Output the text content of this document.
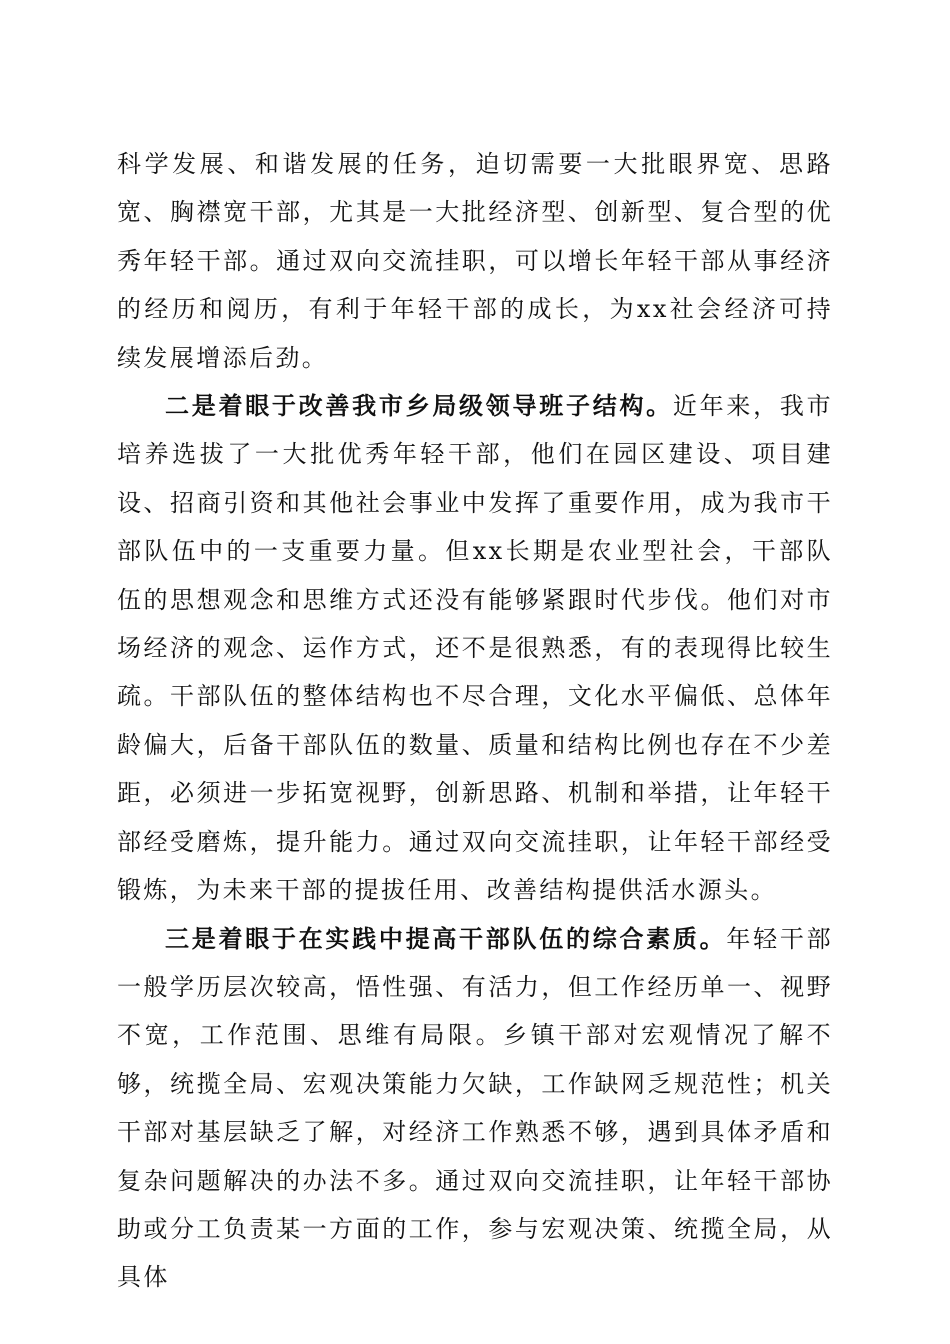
科学发展、和谐发展的任务，迫切需要一大批眼界宽、思路宽、胸襟宽干部，尤其是一大批经济型、创新型、复合型的优秀年轻干部。通过双向交流挂职，可以增长年轻干部从事经济的经历和阅历，有利于年轻干部的成长，为xx社会经济可持续发展增添后劲。

二是着眼于改善我市乡局级领导班子结构。近年来，我市培养选拔了一大批优秀年轻干部，他们在园区建设、项目建设、招商引资和其他社会事业中发挥了重要作用，成为我市干部队伍中的一支重要力量。但xx长期是农业型社会，干部队伍的思想观念和思维方式还没有能够紧跟时代步伐。他们对市场经济的观念、运作方式，还不是很熟悉，有的表现得比较生疏。干部队伍的整体结构也不尽合理，文化水平偏低、总体年龄偏大，后备干部队伍的数量、质量和结构比例也存在不少差距，必须进一步拓宽视野，创新思路、机制和举措，让年轻干部经受磨炼，提升能力。通过双向交流挂职，让年轻干部经受锻炼，为未来干部的提拔任用、改善结构提供活水源头。

三是着眼于在实践中提高干部队伍的综合素质。年轻干部一般学历层次较高，悟性强、有活力，但工作经历单一、视野不宽，工作范围、思维有局限。乡镇干部对宏观情况了解不够，统揽全局、宏观决策能力欠缺，工作缺网乏规范性；机关干部对基层缺乏了解，对经济工作熟悉不够，遇到具体矛盾和复杂问题解决的办法不多。通过双向交流挂职，让年轻干部协助或分工负责某一方面的工作，参与宏观决策、统揽全局，从具体
